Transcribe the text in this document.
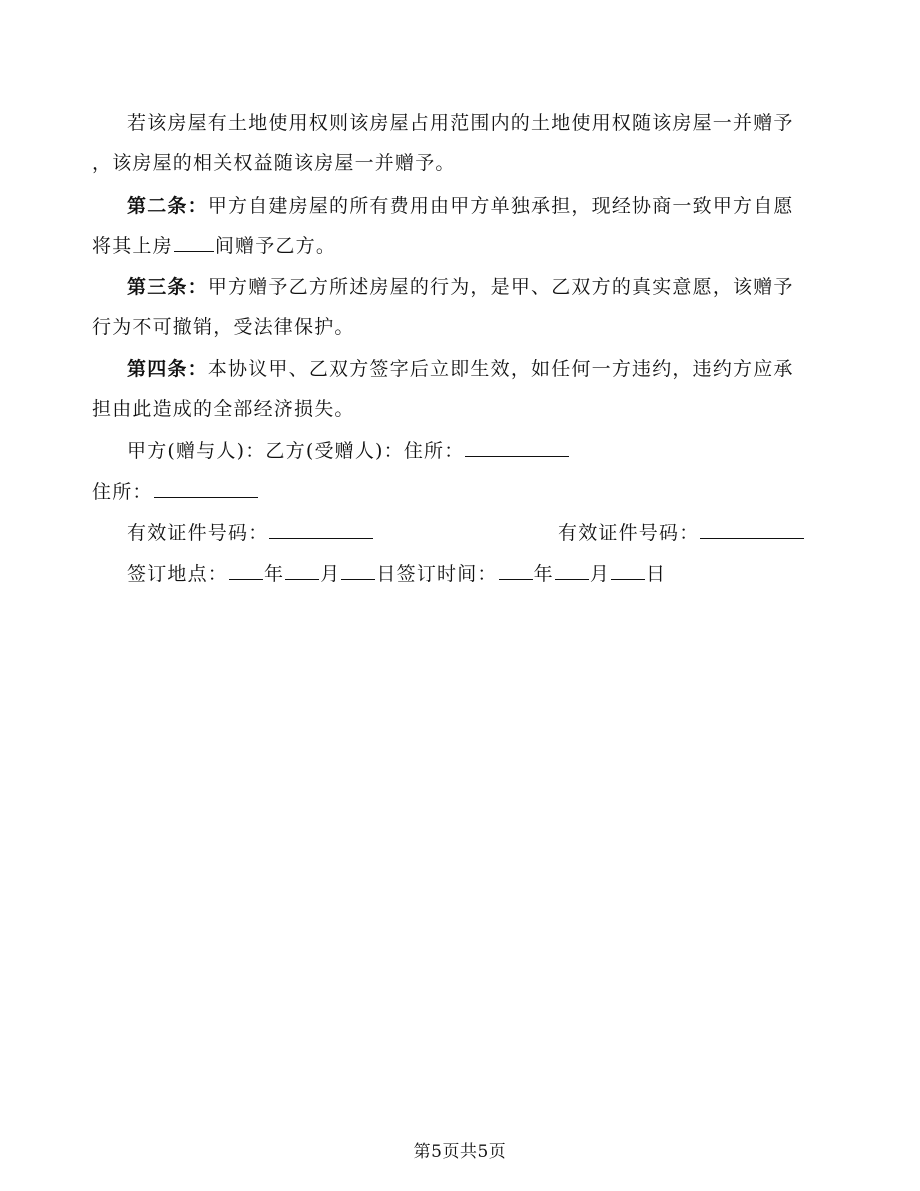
若该房屋有土地使用权则该房屋占用范围内的土地使用权随该房屋一并赠予
，该房屋的相关权益随该房屋一并赠予。
第二条：甲方自建房屋的所有费用由甲方单独承担，现经协商一致甲方自愿
将其上房 间赠予乙方。
第三条：甲方赠予乙方所述房屋的行为，是甲、乙双方的真实意愿，该赠予
行为不可撤销，受法律保护。
第四条：本协议甲、乙双方签字后立即生效，如任何一方违约，违约方应承
担由此造成的全部经济损失。
甲方(赠与人)：乙方(受赠人)：住所：
住所：
有效证件号码：	有效证件号码：
签订地点： 年 月 日签订时间： 年 月 日
第5页共5页
